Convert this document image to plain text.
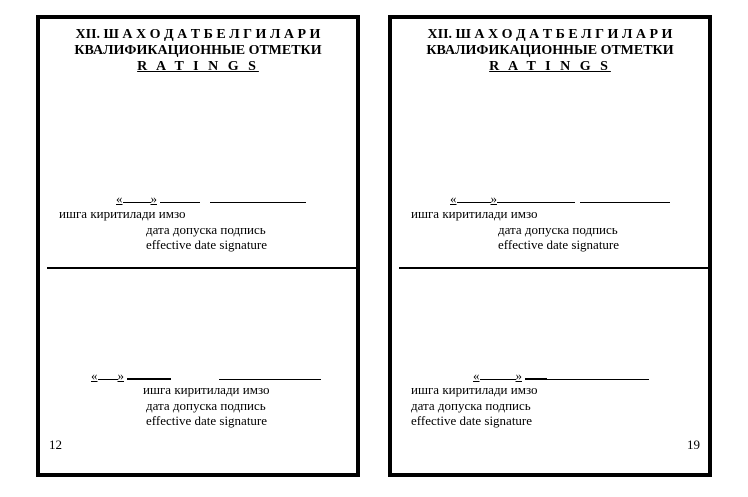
XII. Ш А Х О Д А Т Б Е Л Г И Л А Р И
КВАЛИФИКАЦИОННЫЕ ОТМЕТКИ
R A T I N G S
« »
ишга киритилади имзо
дата допуска подпись
effective date signature
« »
ишга киритилади имзо
дата допуска подпись
effective date signature
12
XII. Ш А Х О Д А Т Б Е Л Г И Л А Р И
КВАЛИФИКАЦИОННЫЕ ОТМЕТКИ
R A T I N G S
«	»
ишга киритилади имзо
дата допуска подпись
effective date signature
«	»
ишга киритилади имзо
дата допуска подпись
effective date signature
19
